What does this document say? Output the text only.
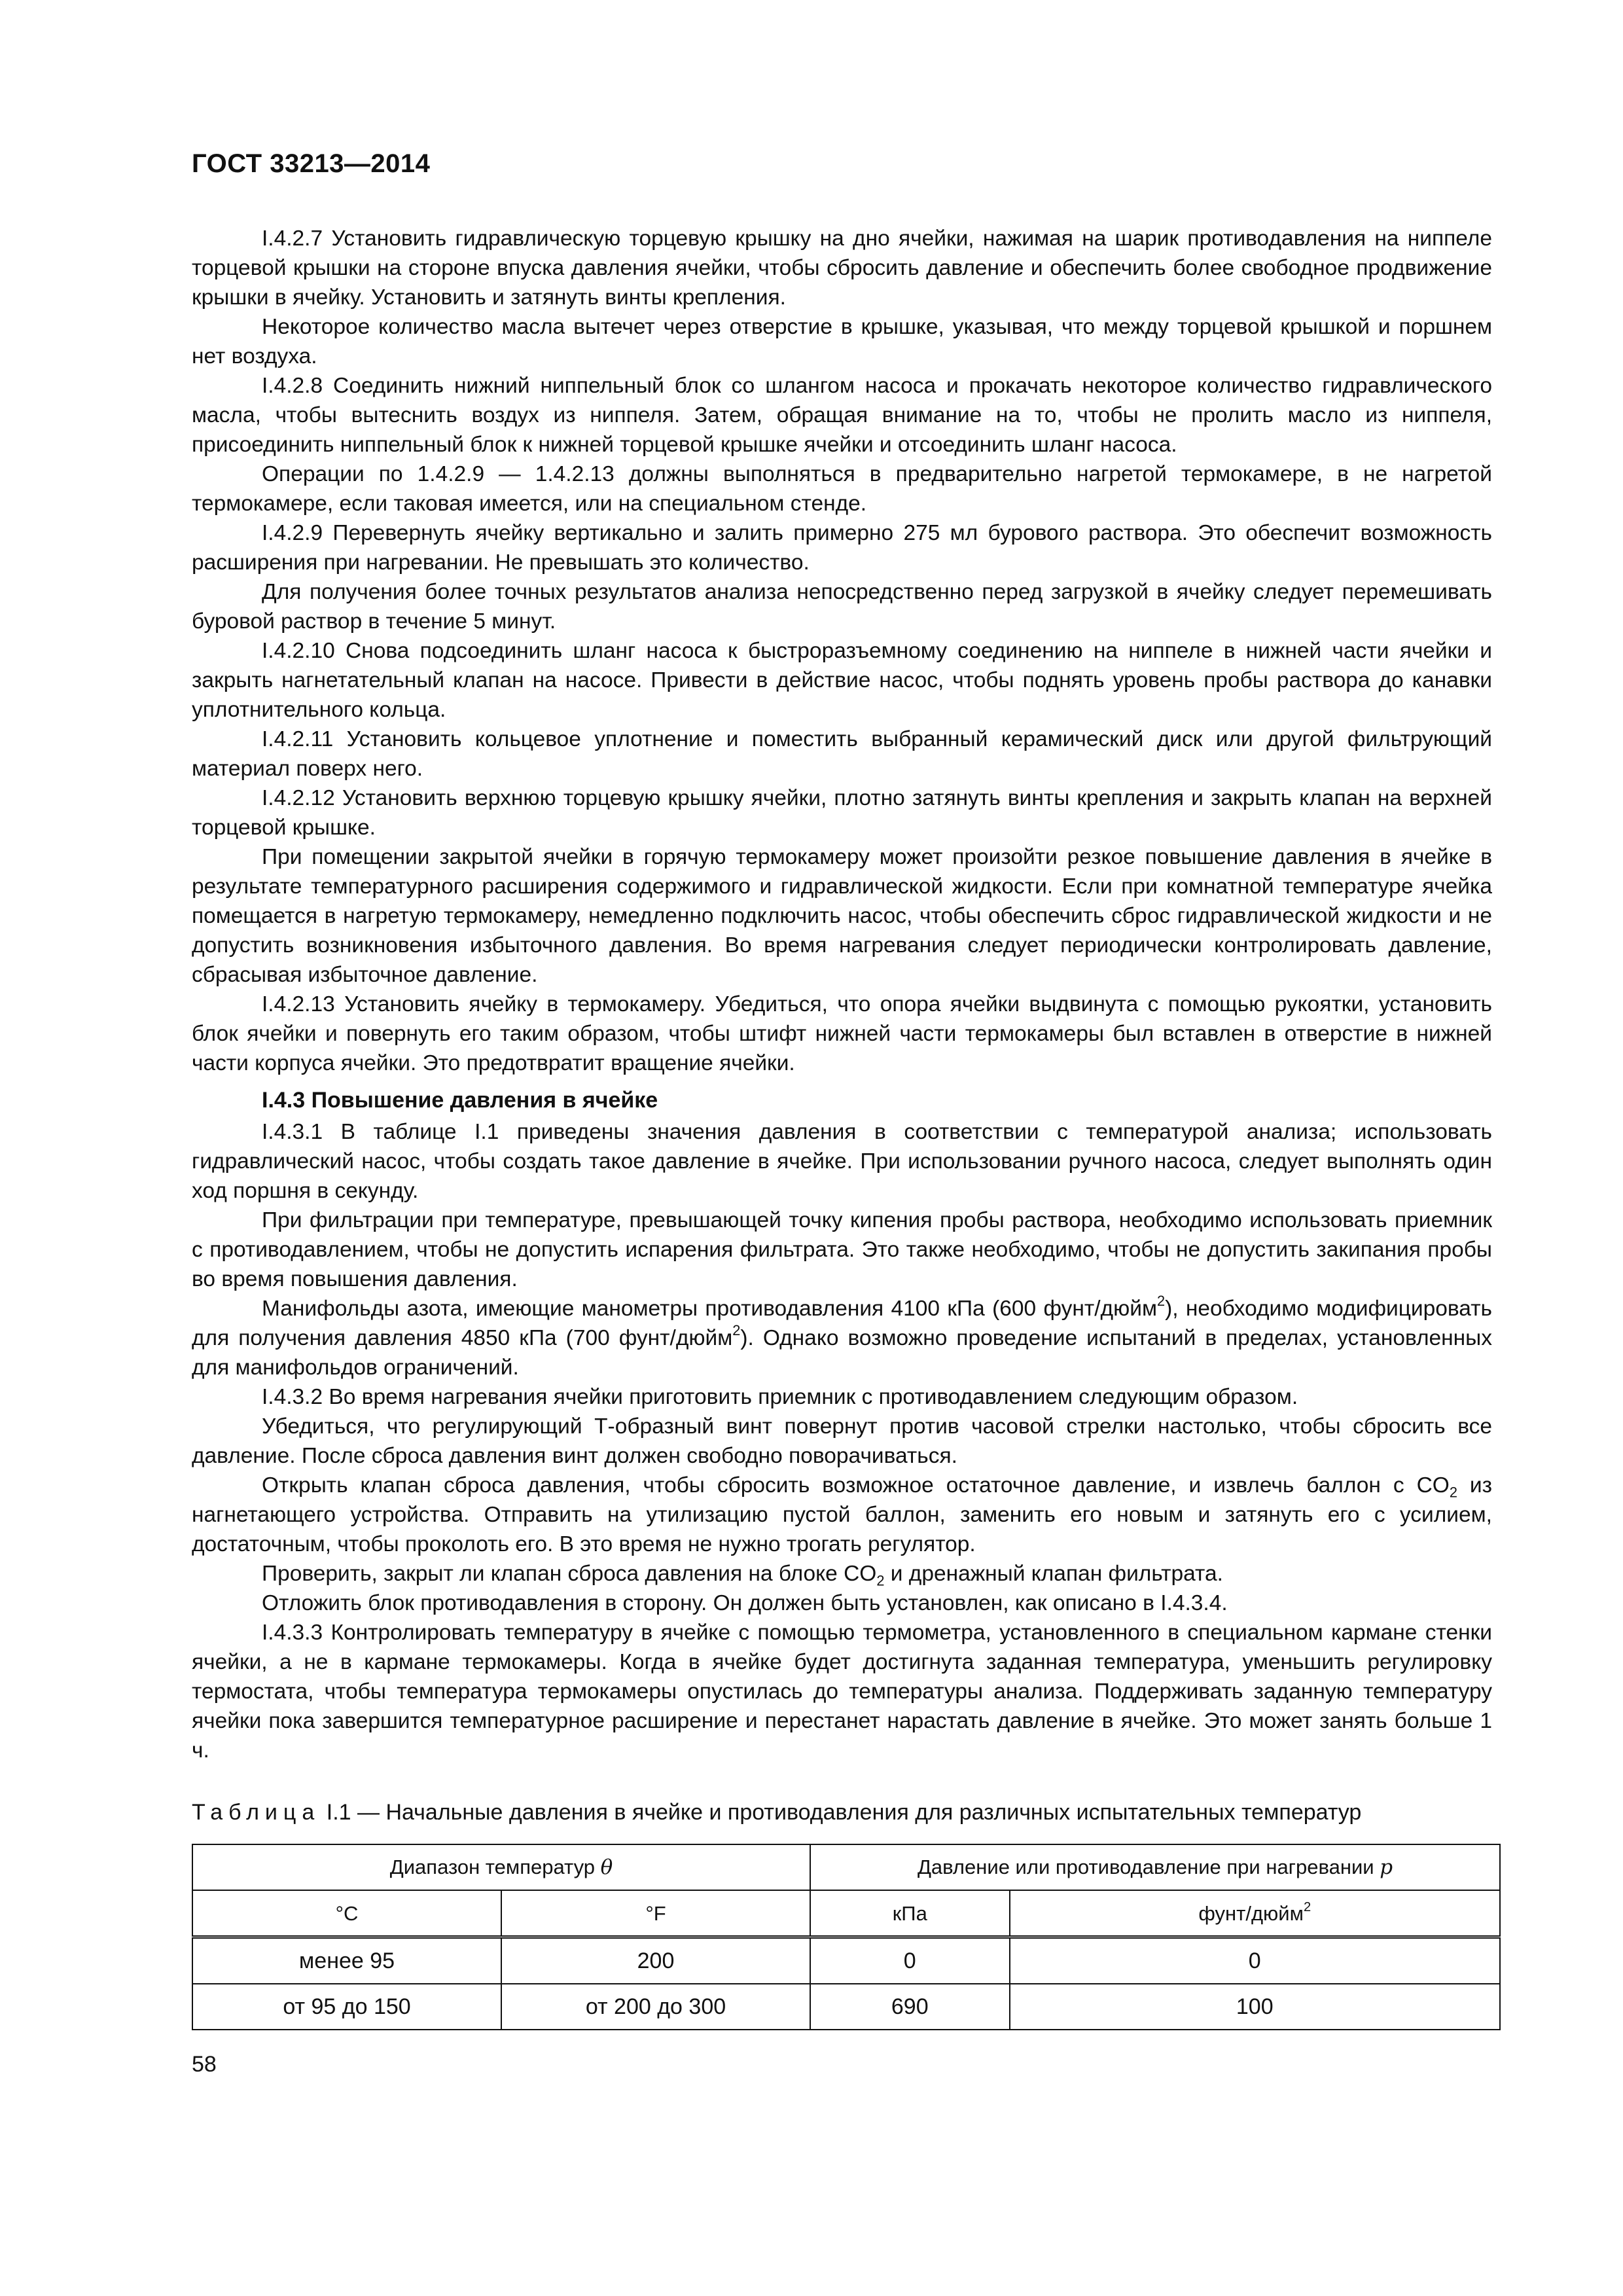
ГОСТ 33213—2014

I.4.2.7 Установить гидравлическую торцевую крышку на дно ячейки, нажимая на шарик противодавления на ниппеле торцевой крышки на стороне впуска давления ячейки, чтобы сбросить давление и обеспечить более свободное продвижение крышки в ячейку. Установить и затянуть винты крепления.

Некоторое количество масла вытечет через отверстие в крышке, указывая, что между торцевой крышкой и поршнем нет воздуха.

I.4.2.8 Соединить нижний ниппельный блок со шлангом насоса и прокачать некоторое количество гидравлического масла, чтобы вытеснить воздух из ниппеля. Затем, обращая внимание на то, чтобы не пролить масло из ниппеля, присоединить ниппельный блок к нижней торцевой крышке ячейки и отсоединить шланг насоса.

Операции по 1.4.2.9 — 1.4.2.13 должны выполняться в предварительно нагретой термокамере, в не нагретой термокамере, если таковая имеется, или на специальном стенде.

I.4.2.9 Перевернуть ячейку вертикально и залить примерно 275 мл бурового раствора. Это обеспечит возможность расширения при нагревании. Не превышать это количество.

Для получения более точных результатов анализа непосредственно перед загрузкой в ячейку следует перемешивать буровой раствор в течение 5 минут.

I.4.2.10 Снова подсоединить шланг насоса к быстроразъемному соединению на ниппеле в нижней части ячейки и закрыть нагнетательный клапан на насосе. Привести в действие насос, чтобы поднять уровень пробы раствора до канавки уплотнительного кольца.

I.4.2.11 Установить кольцевое уплотнение и поместить выбранный керамический диск или другой фильтрующий материал поверх него.

I.4.2.12 Установить верхнюю торцевую крышку ячейки, плотно затянуть винты крепления и закрыть клапан на верхней торцевой крышке.

При помещении закрытой ячейки в горячую термокамеру может произойти резкое повышение давления в ячейке в результате температурного расширения содержимого и гидравлической жидкости. Если при комнатной температуре ячейка помещается в нагретую термокамеру, немедленно подключить насос, чтобы обеспечить сброс гидравлической жидкости и не допустить возникновения избыточного давления. Во время нагревания следует периодически контролировать давление, сбрасывая избыточное давление.

I.4.2.13 Установить ячейку в термокамеру. Убедиться, что опора ячейки выдвинута с помощью рукоятки, установить блок ячейки и повернуть его таким образом, чтобы штифт нижней части термокамеры был вставлен в отверстие в нижней части корпуса ячейки. Это предотвратит вращение ячейки.

I.4.3 Повышение давления в ячейке

I.4.3.1 В таблице I.1 приведены значения давления в соответствии с температурой анализа; использовать гидравлический насос, чтобы создать такое давление в ячейке. При использовании ручного насоса, следует выполнять один ход поршня в секунду.

При фильтрации при температуре, превышающей точку кипения пробы раствора, необходимо использовать приемник с противодавлением, чтобы не допустить испарения фильтрата. Это также необходимо, чтобы не допустить закипания пробы во время повышения давления.

Манифольды азота, имеющие манометры противодавления 4100 кПа (600 фунт/дюйм$^2$), необходимо модифицировать для получения давления 4850 кПа (700 фунт/дюйм$^2$). Однако возможно проведение испытаний в пределах, установленных для манифольдов ограничений.

I.4.3.2 Во время нагревания ячейки приготовить приемник с противодавлением следующим образом.

Убедиться, что регулирующий Т-образный винт повернут против часовой стрелки настолько, чтобы сбросить все давление. После сброса давления винт должен свободно поворачиваться.

Открыть клапан сброса давления, чтобы сбросить возможное остаточное давление, и извлечь баллон с $CO_2$ из нагнетающего устройства. Отправить на утилизацию пустой баллон, заменить его новым и затянуть его с усилием, достаточным, чтобы проколоть его. В это время не нужно трогать регулятор.

Проверить, закрыт ли клапан сброса давления на блоке $CO_2$ и дренажный клапан фильтрата.

Отложить блок противодавления в сторону. Он должен быть установлен, как описано в I.4.3.4.

I.4.3.3 Контролировать температуру в ячейке с помощью термометра, установленного в специальном кармане стенки ячейки, а не в кармане термокамеры. Когда в ячейке будет достигнута заданная температура, уменьшить регулировку термостата, чтобы температура термокамеры опустилась до температуры анализа. Поддерживать заданную температуру ячейки пока завершится температурное расширение и перестанет нарастать давление в ячейке. Это может занять больше 1 ч.

Таблица I.1 — Начальные давления в ячейке и противодавления для различных испытательных температур
Диапазон температур θ		Давление или противодавление при нагревании p	
°C	°F	кПа	фунт/дюйм$^2$
менее 95	200	0	0
от 95 до 150	от 200 до 300	690	100
58
